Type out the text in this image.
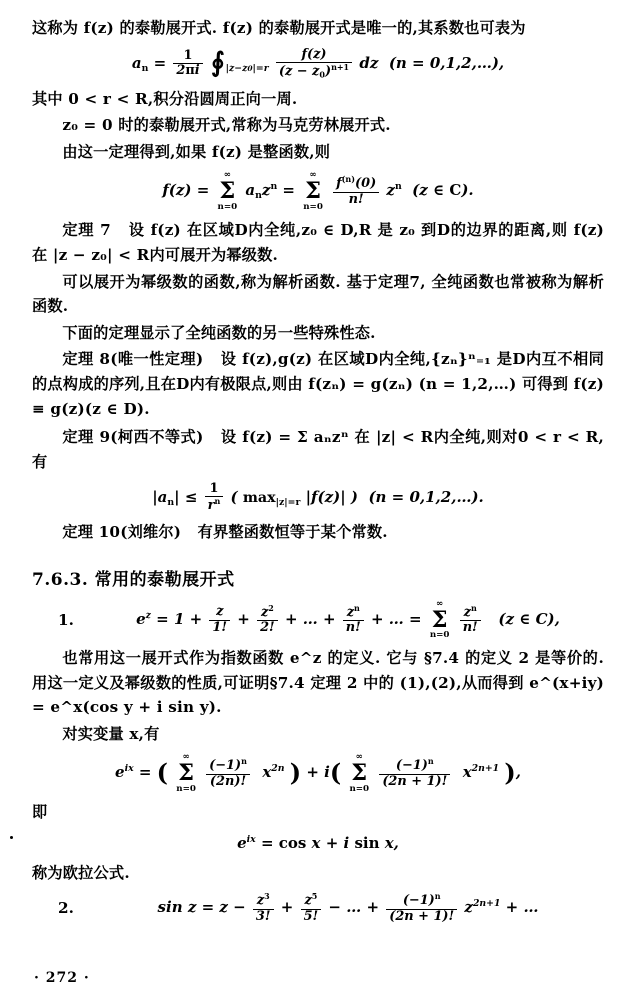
这称为 f(z) 的泰勒展开式. f(z) 的泰勒展开式是唯一的,其系数也可表为

$a_n = \frac{1}{2\pi i}$ $∮_{|z-z0|=r} \frac{f(z)}{(z - z_0)^{n+1}}$ dz  (n = 0,1,2,…),

其中 0 < r < R,积分沿圆周正向一周.

z₀ = 0 时的泰勒展开式,常称为马克劳林展开式.

由这一定理得到,如果 f(z) 是整函数,则

f(z) =
∞
Σ
n=0
$a_nz^n$ =
∞
Σ
n=0
$\frac{f^{(n)}(0)}{n!} z^n$  (z ∈ C).

定理 7 设 f(z) 在区域D内全纯,z₀ ∈ D,R 是 z₀ 到D的边界的距离,则 f(z) 在 |z − z₀| < R内可展开为幂级数.

可以展开为幂级数的函数,称为解析函数. 基于定理7, 全纯函数也常被称为解析函数.

下面的定理显示了全纯函数的另一些特殊性态.

定理 8(唯一性定理) 设 f(z),g(z) 在区域D内全纯,{zₙ}ⁿ₌₁ 是D内互不相同的点构成的序列,且在D内有极限点,则由 f(zₙ) = g(zₙ) (n = 1,2,…) 可得到 f(z) ≡ g(z)(z ∈ D).

定理 9(柯西不等式) 设 f(z) = Σ aₙzⁿ 在 |z| < R内全纯,则对0 < r < R,有

$|a_n| \le \frac{1}{r^n}$ ( $\max_{|z|=r} |f(z)|$ )  (n = 0,1,2,…).

定理 10(刘维尔) 有界整函数恒等于某个常数.

7.6.3. 常用的泰勒展开式
1.	$e^z = 1 + \frac{z}{1!} + \frac{z^2}{2!}$ + … + $\frac{z^n}{n!}$ + … =
∞
Σ
n=0
$\frac{z^n}{n!} (z$ ∈ C),

也常用这一展开式作为指数函数 e^z 的定义. 它与 §7.4 的定义 2 是等价的. 用这一定义及幂级数的性质,可证明§7.4 定理 2 中的 (1),(2),从而得到 e^(x+iy) = e^x(cos y + i sin y).

对实变量 x,有

$e^{ix}$ = (
∞
Σ
n=0
$\frac{(-1)^n}{(2n)!} x^{2n}$ ) + i(
∞
Σ
n=0
$\frac{(-1)^n}{(2n + 1)!} x^{2n+1}$ ),

即

$e^{ix} = \cos x + i$ sin x,

称为欧拉公式.

2.	$\sin z = z - \frac{z^3}{3!} + \frac{z^5}{5!}$ − … + $\frac{(-1)^n}{(2n + 1)!} z^{2n+1}$ + …
· 272 ·
